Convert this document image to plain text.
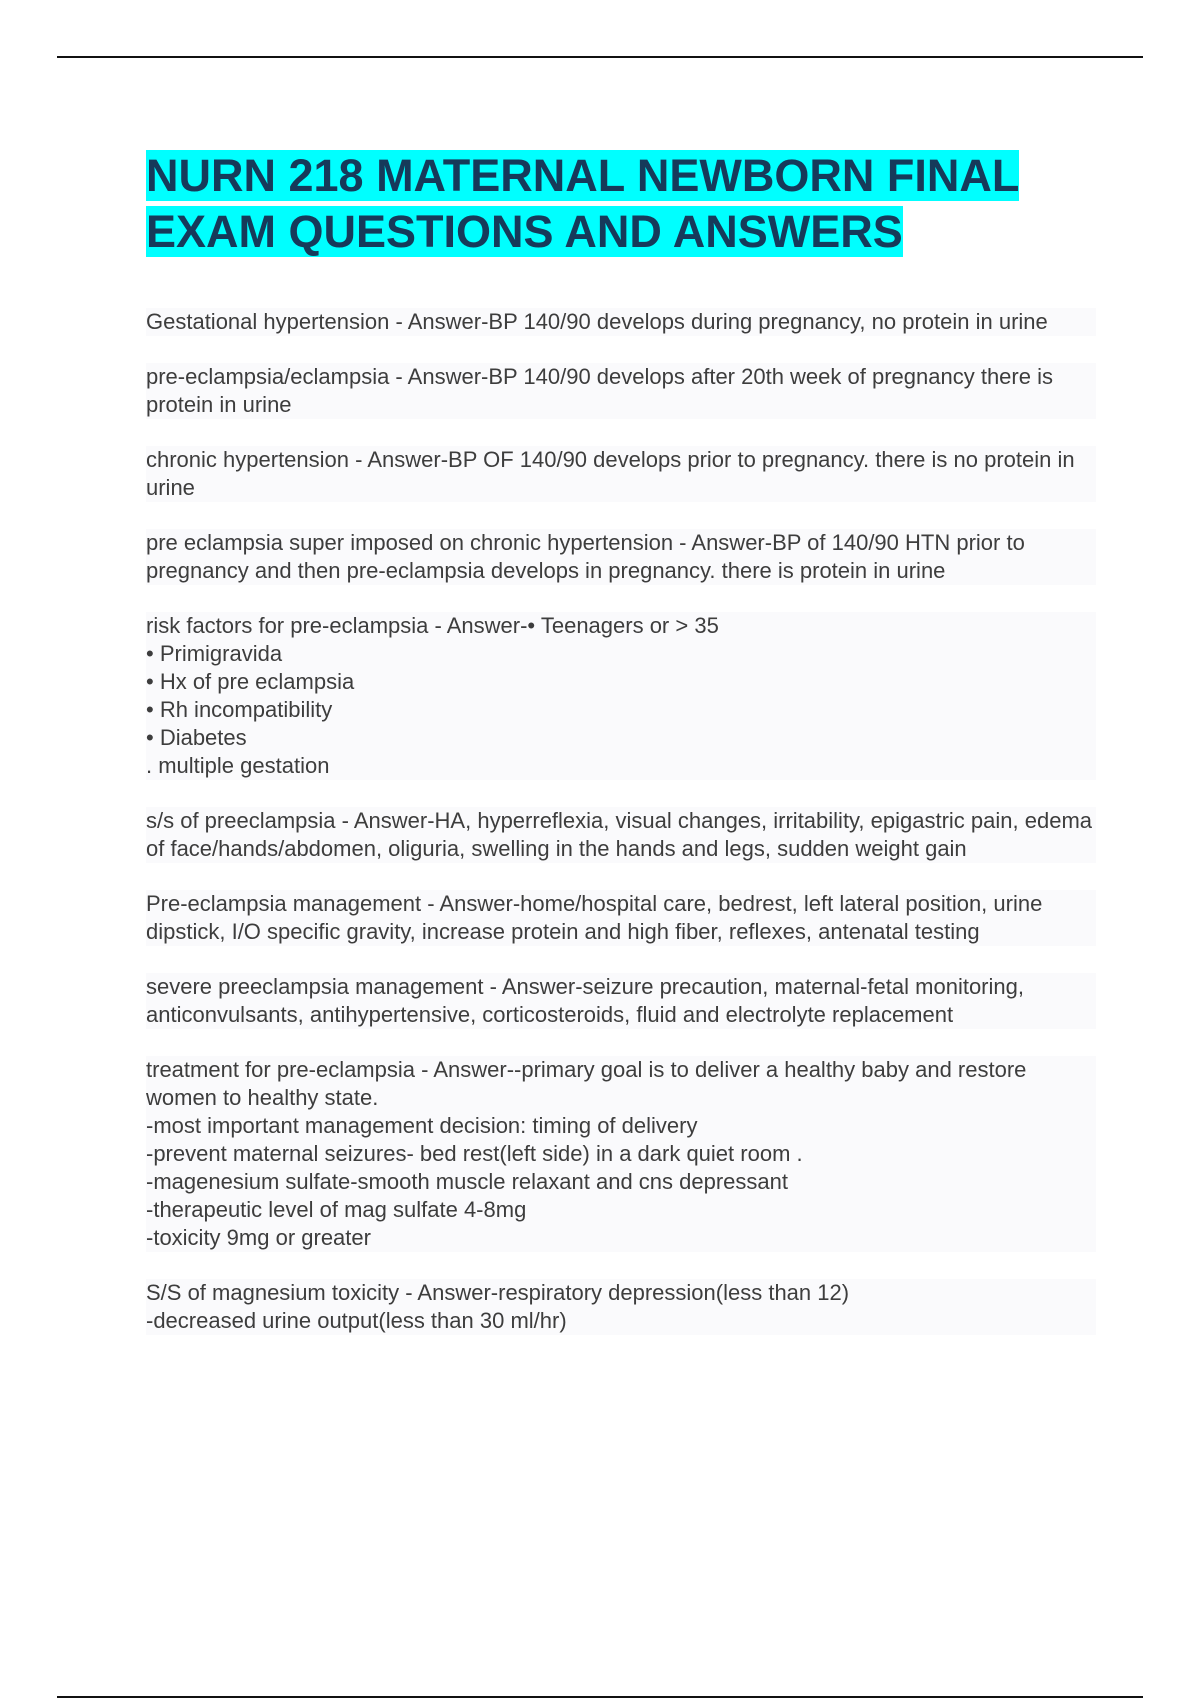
NURN 218 MATERNAL NEWBORN FINAL
EXAM QUESTIONS AND ANSWERS

Gestational hypertension - Answer-BP 140/90 develops during pregnancy, no protein in urine

pre-eclampsia/eclampsia - Answer-BP 140/90 develops after 20th week of pregnancy there is protein in urine

chronic hypertension - Answer-BP OF 140/90 develops prior to pregnancy. there is no protein in urine

pre eclampsia super imposed on chronic hypertension - Answer-BP of 140/90 HTN prior to pregnancy and then pre-eclampsia develops in pregnancy. there is protein in urine

risk factors for pre-eclampsia - Answer-• Teenagers or > 35
• Primigravida
• Hx of pre eclampsia
• Rh incompatibility
• Diabetes
. multiple gestation

s/s of preeclampsia - Answer-HA, hyperreflexia, visual changes, irritability, epigastric pain, edema of face/hands/abdomen, oliguria, swelling in the hands and legs, sudden weight gain

Pre-eclampsia management - Answer-home/hospital care, bedrest, left lateral position, urine dipstick, I/O specific gravity, increase protein and high fiber, reflexes, antenatal testing

severe preeclampsia management - Answer-seizure precaution, maternal-fetal monitoring, anticonvulsants, antihypertensive, corticosteroids, fluid and electrolyte replacement

treatment for pre-eclampsia - Answer--primary goal is to deliver a healthy baby and restore women to healthy state.
-most important management decision: timing of delivery
-prevent maternal seizures- bed rest(left side) in a dark quiet room .
-magenesium sulfate-smooth muscle relaxant and cns depressant
-therapeutic level of mag sulfate 4-8mg
-toxicity 9mg or greater

S/S of magnesium toxicity - Answer-respiratory depression(less than 12)
-decreased urine output(less than 30 ml/hr)
